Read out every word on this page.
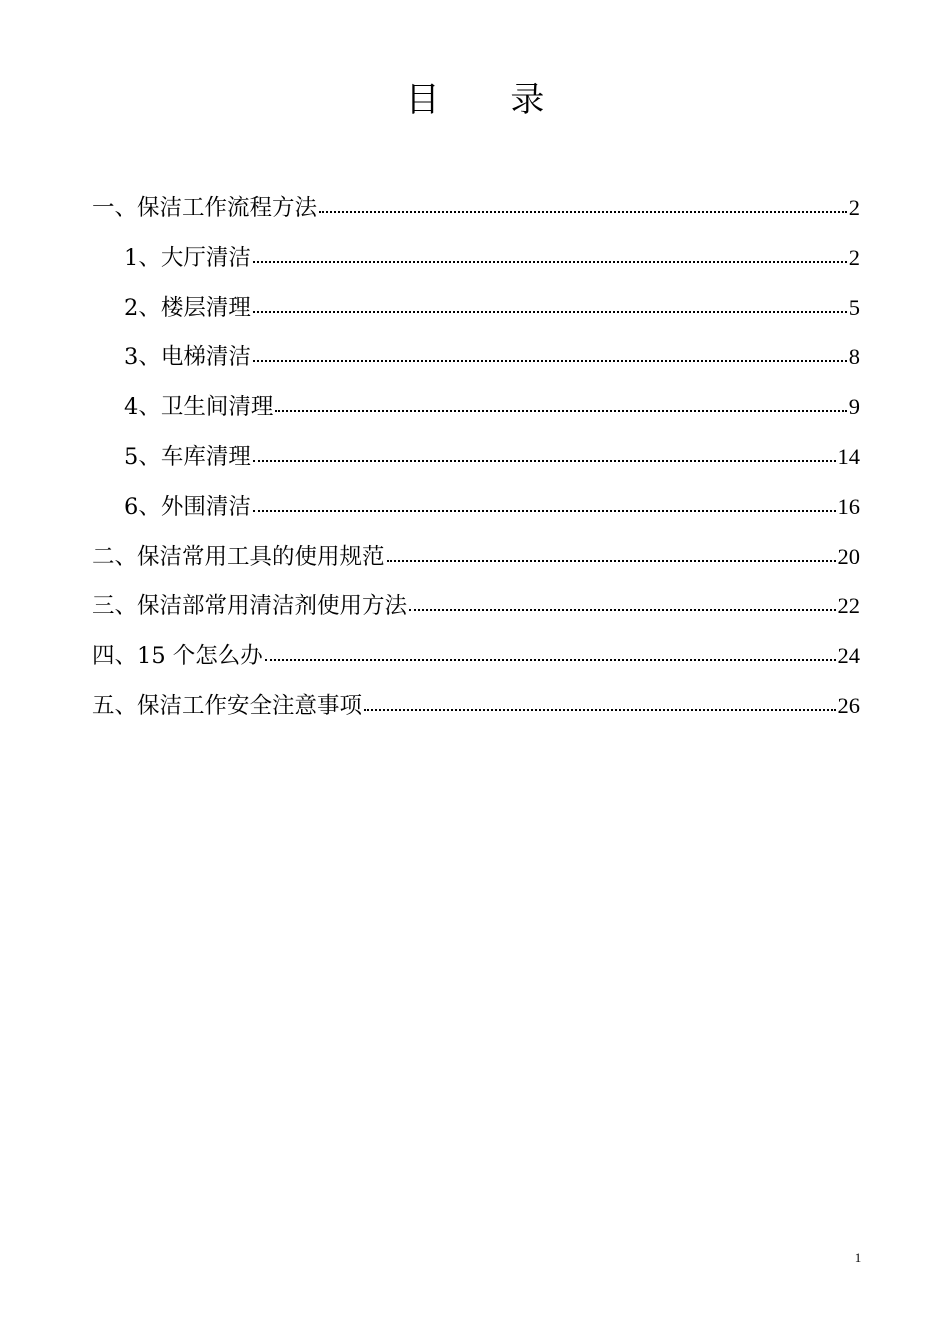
目 录
一、保洁工作流程方法	2
1、大厅清洁	2
2、楼层清理	5
3、电梯清洁	8
4、卫生间清理	9
5、车库清理	14
6、外围清洁	16
二、保洁常用工具的使用规范	20
三、保洁部常用清洁剂使用方法	22
四、15 个怎么办	24
五、保洁工作安全注意事项	26
1
